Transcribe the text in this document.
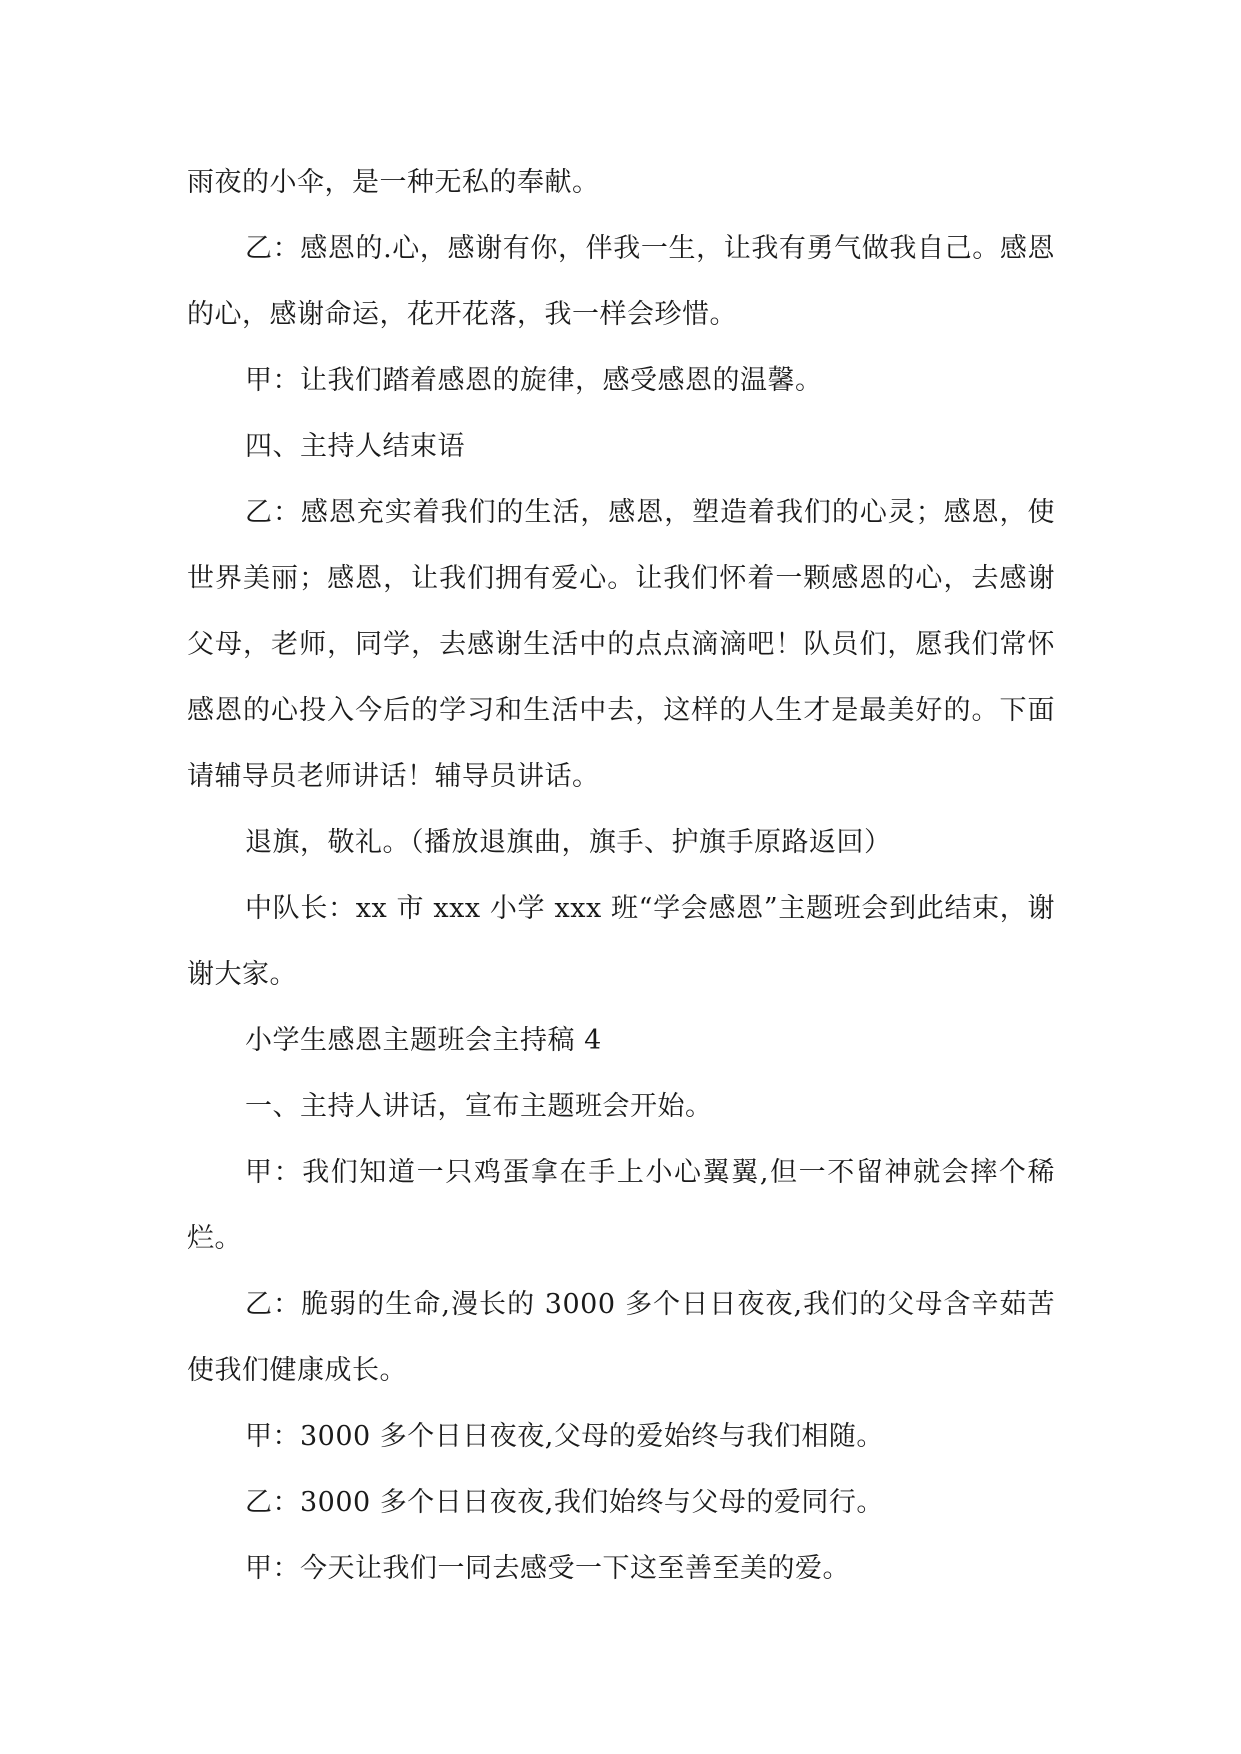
雨夜的小伞，是一种无私的奉献。

乙：感恩的.心，感谢有你，伴我一生，让我有勇气做我自己。感恩的心，感谢命运，花开花落，我一样会珍惜。

甲：让我们踏着感恩的旋律，感受感恩的温馨。

四、主持人结束语

乙：感恩充实着我们的生活，感恩，塑造着我们的心灵；感恩，使世界美丽；感恩，让我们拥有爱心。让我们怀着一颗感恩的心，去感谢父母，老师，同学，去感谢生活中的点点滴滴吧！队员们，愿我们常怀感恩的心投入今后的学习和生活中去，这样的人生才是最美好的。下面请辅导员老师讲话！辅导员讲话。

退旗，敬礼。（播放退旗曲，旗手、护旗手原路返回）

中队长：xx 市 xxx 小学 xxx 班“学会感恩”主题班会到此结束，谢谢大家。

小学生感恩主题班会主持稿 4

一、主持人讲话，宣布主题班会开始。

甲：我们知道一只鸡蛋拿在手上小心翼翼,但一不留神就会摔个稀烂。

乙：脆弱的生命,漫长的 3000 多个日日夜夜,我们的父母含辛茹苦使我们健康成长。

甲：3000 多个日日夜夜,父母的爱始终与我们相随。

乙：3000 多个日日夜夜,我们始终与父母的爱同行。

甲：今天让我们一同去感受一下这至善至美的爱。
